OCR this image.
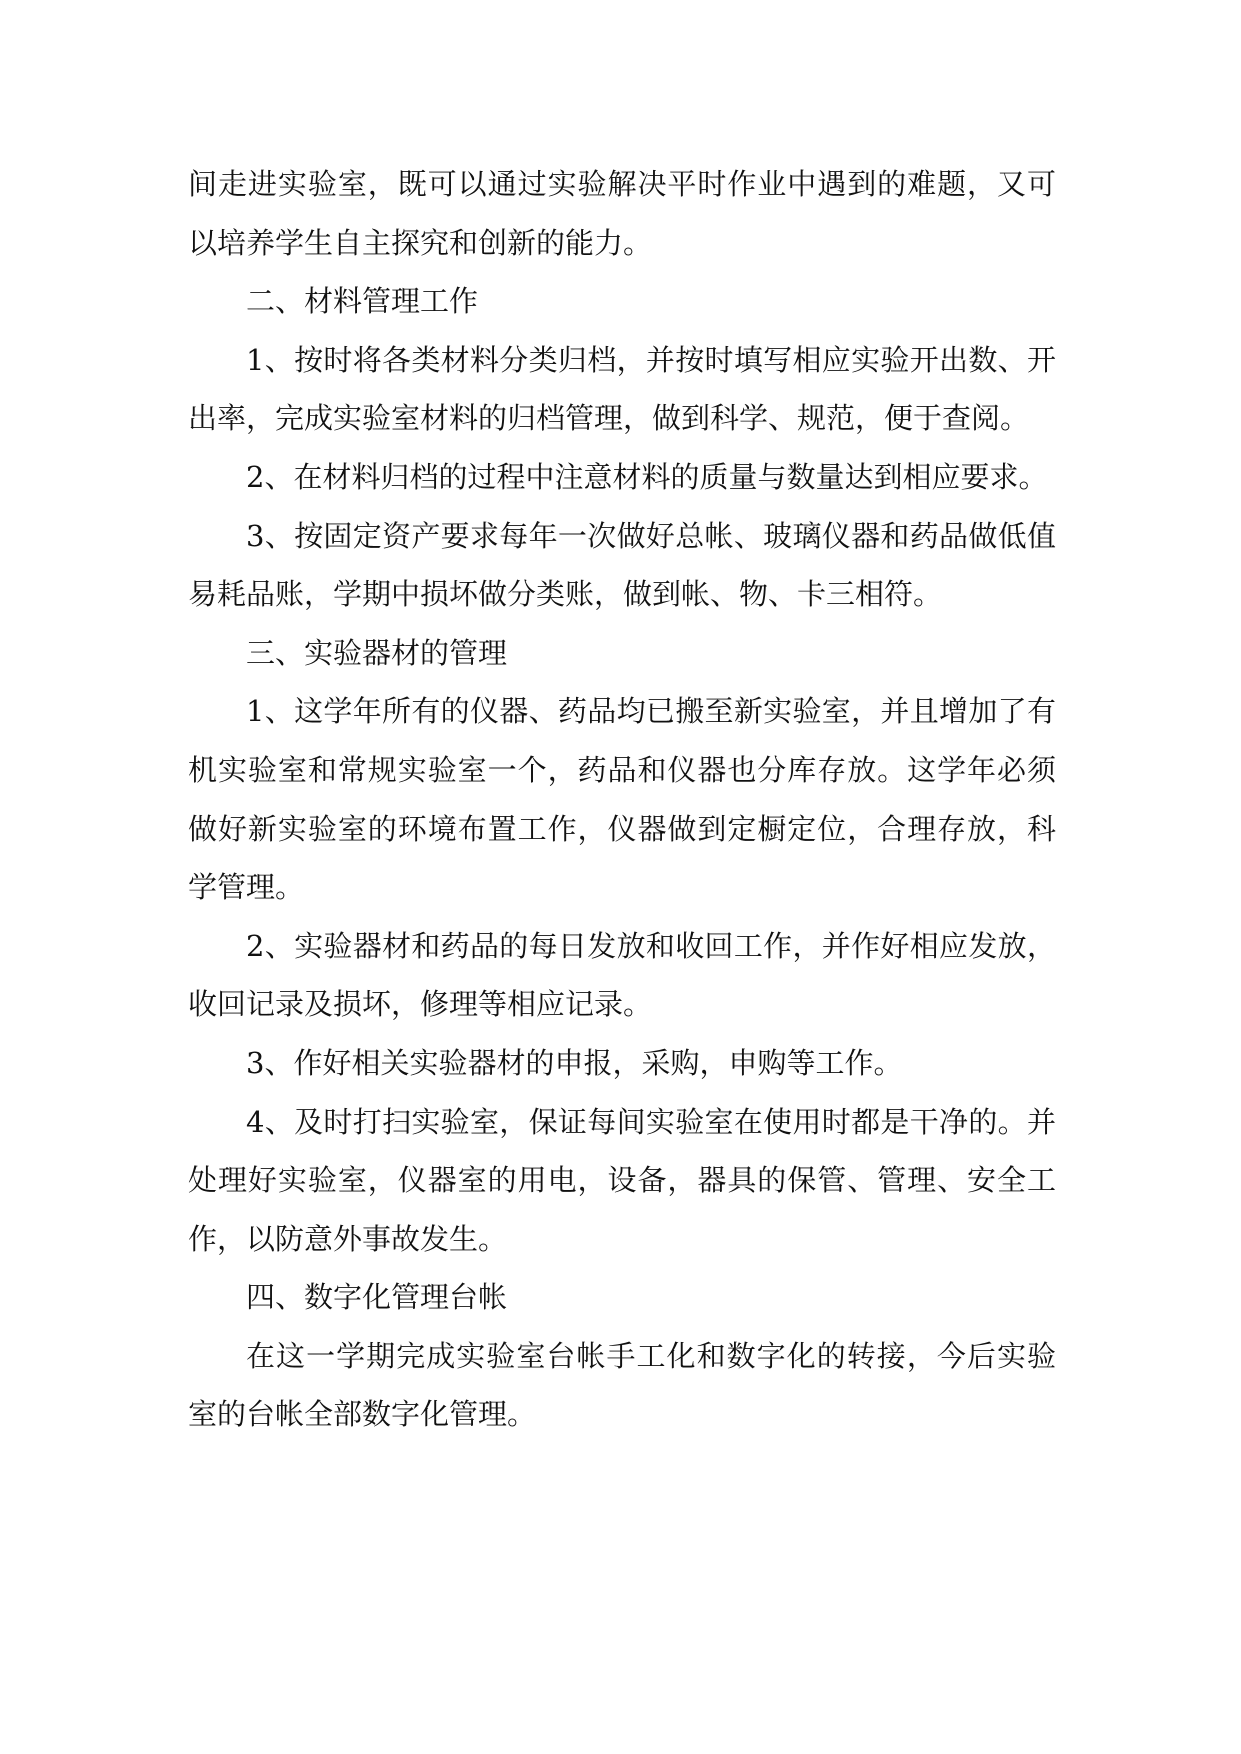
间走进实验室，既可以通过实验解决平时作业中遇到的难题，又可以培养学生自主探究和创新的能力。

二、材料管理工作

1、按时将各类材料分类归档，并按时填写相应实验开出数、开出率，完成实验室材料的归档管理，做到科学、规范，便于查阅。

2、在材料归档的过程中注意材料的质量与数量达到相应要求。

3、按固定资产要求每年一次做好总帐、玻璃仪器和药品做低值易耗品账，学期中损坏做分类账，做到帐、物、卡三相符。

三、实验器材的管理

1、这学年所有的仪器、药品均已搬至新实验室，并且增加了有机实验室和常规实验室一个，药品和仪器也分库存放。这学年必须做好新实验室的环境布置工作，仪器做到定橱定位，合理存放，科学管理。

2、实验器材和药品的每日发放和收回工作，并作好相应发放，收回记录及损坏，修理等相应记录。

3、作好相关实验器材的申报，采购，申购等工作。

4、及时打扫实验室，保证每间实验室在使用时都是干净的。并处理好实验室，仪器室的用电，设备，器具的保管、管理、安全工作，以防意外事故发生。

四、数字化管理台帐

在这一学期完成实验室台帐手工化和数字化的转接，今后实验室的台帐全部数字化管理。
